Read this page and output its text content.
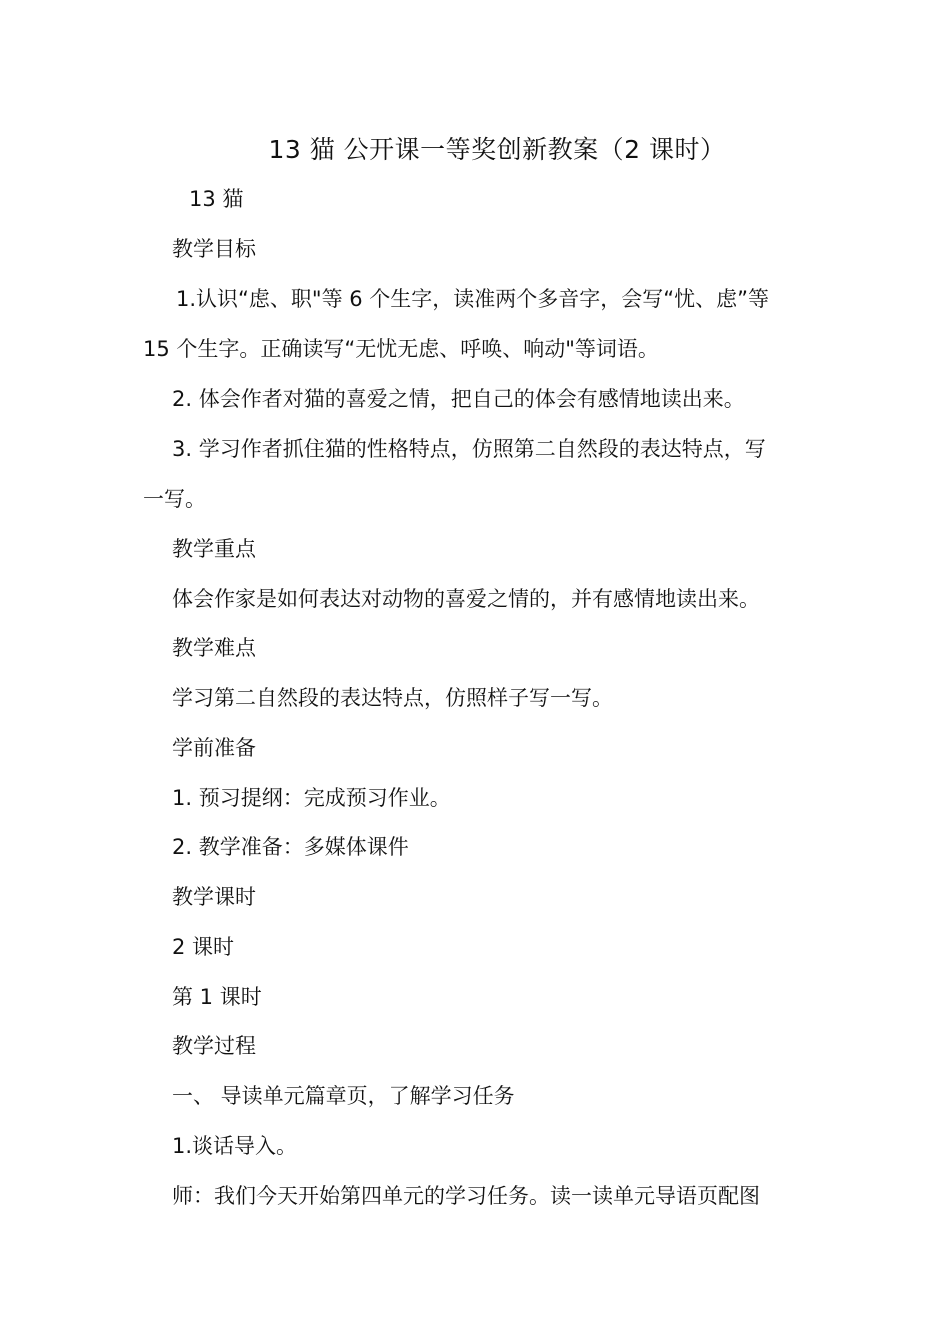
13 猫 公开课一等奖创新教案（2 课时）
13 猫
教学目标
1.认识“虑、职"等 6 个生字，读准两个多音字，会写“忧、虑”等
15 个生字。正确读写“无忧无虑、呼唤、响动"等词语。
2. 体会作者对猫的喜爱之情，把自己的体会有感情地读出来。
3. 学习作者抓住猫的性格特点，仿照第二自然段的表达特点，写
一写。
教学重点
体会作家是如何表达对动物的喜爱之情的，并有感情地读出来。
教学难点
学习第二自然段的表达特点，仿照样子写一写。
学前准备
1. 预习提纲：完成预习作业。
2. 教学准备：多媒体课件
教学课时
2 课时
第 1 课时
教学过程
一、 导读单元篇章页，了解学习任务
1.谈话导入。
师：我们今天开始第四单元的学习任务。读一读单元导语页配图
